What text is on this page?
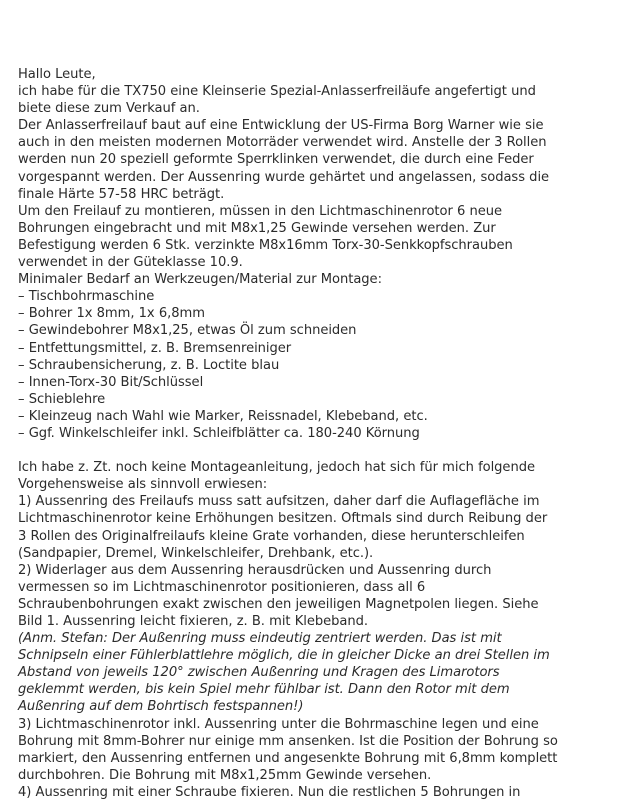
Hallo Leute,
ich habe für die TX750 eine Kleinserie Spezial-Anlasserfreiläufe angefertigt und
biete diese zum Verkauf an.

Der Anlasserfreilauf baut auf eine Entwicklung der US-Firma Borg Warner wie sie
auch in den meisten modernen Motorräder verwendet wird. Anstelle der 3 Rollen
werden nun 20 speziell geformte Sperrklinken verwendet, die durch eine Feder
vorgespannt werden. Der Aussenring wurde gehärtet und angelassen, sodass die
finale Härte 57-58 HRC beträgt.

Um den Freilauf zu montieren, müssen in den Lichtmaschinenrotor 6 neue
Bohrungen eingebracht und mit M8x1,25 Gewinde versehen werden. Zur
Befestigung werden 6 Stk. verzinkte M8x16mm Torx-30-Senkkopfschrauben
verwendet in der Güteklasse 10.9.

Minimaler Bedarf an Werkzeugen/Material zur Montage:

– Tischbohrmaschine
– Bohrer 1x 8mm, 1x 6,8mm
– Gewindebohrer M8x1,25, etwas Öl zum schneiden
– Entfettungsmittel, z. B. Bremsenreiniger
– Schraubensicherung, z. B. Loctite blau
– Innen-Torx-30 Bit/Schlüssel
– Schieblehre
– Kleinzeug nach Wahl wie Marker, Reissnadel, Klebeband, etc.
– Ggf. Winkelschleifer inkl. Schleifblätter ca. 180-240 Körnung

Ich habe z. Zt. noch keine Montageanleitung, jedoch hat sich für mich folgende
Vorgehensweise als sinnvoll erwiesen:

1) Aussenring des Freilaufs muss satt aufsitzen, daher darf die Auflagefläche im
Lichtmaschinenrotor keine Erhöhungen besitzen. Oftmals sind durch Reibung der
3 Rollen des Originalfreilaufs kleine Grate vorhanden, diese herunterschleifen
(Sandpapier, Dremel, Winkelschleifer, Drehbank, etc.).

2) Widerlager aus dem Aussenring herausdrücken und Aussenring durch
vermessen so im Lichtmaschinenrotor positionieren, dass all 6
Schraubenbohrungen exakt zwischen den jeweiligen Magnetpolen liegen. Siehe
Bild 1. Aussenring leicht fixieren, z. B. mit Klebeband.

(Anm. Stefan: Der Außenring muss eindeutig zentriert werden. Das ist mit
Schnipseln einer Fühlerblattlehre möglich, die in gleicher Dicke an drei Stellen im
Abstand von jeweils 120° zwischen Außenring und Kragen des Limarotors
geklemmt werden, bis kein Spiel mehr fühlbar ist. Dann den Rotor mit dem
Außenring auf dem Bohrtisch festspannen!)

3) Lichtmaschinenrotor inkl. Aussenring unter die Bohrmaschine legen und eine
Bohrung mit 8mm-Bohrer nur einige mm ansenken. Ist die Position der Bohrung so
markiert, den Aussenring entfernen und angesenkte Bohrung mit 6,8mm komplett
durchbohren. Die Bohrung mit M8x1,25mm Gewinde versehen.

4) Aussenring mit einer Schraube fixieren. Nun die restlichen 5 Bohrungen in
